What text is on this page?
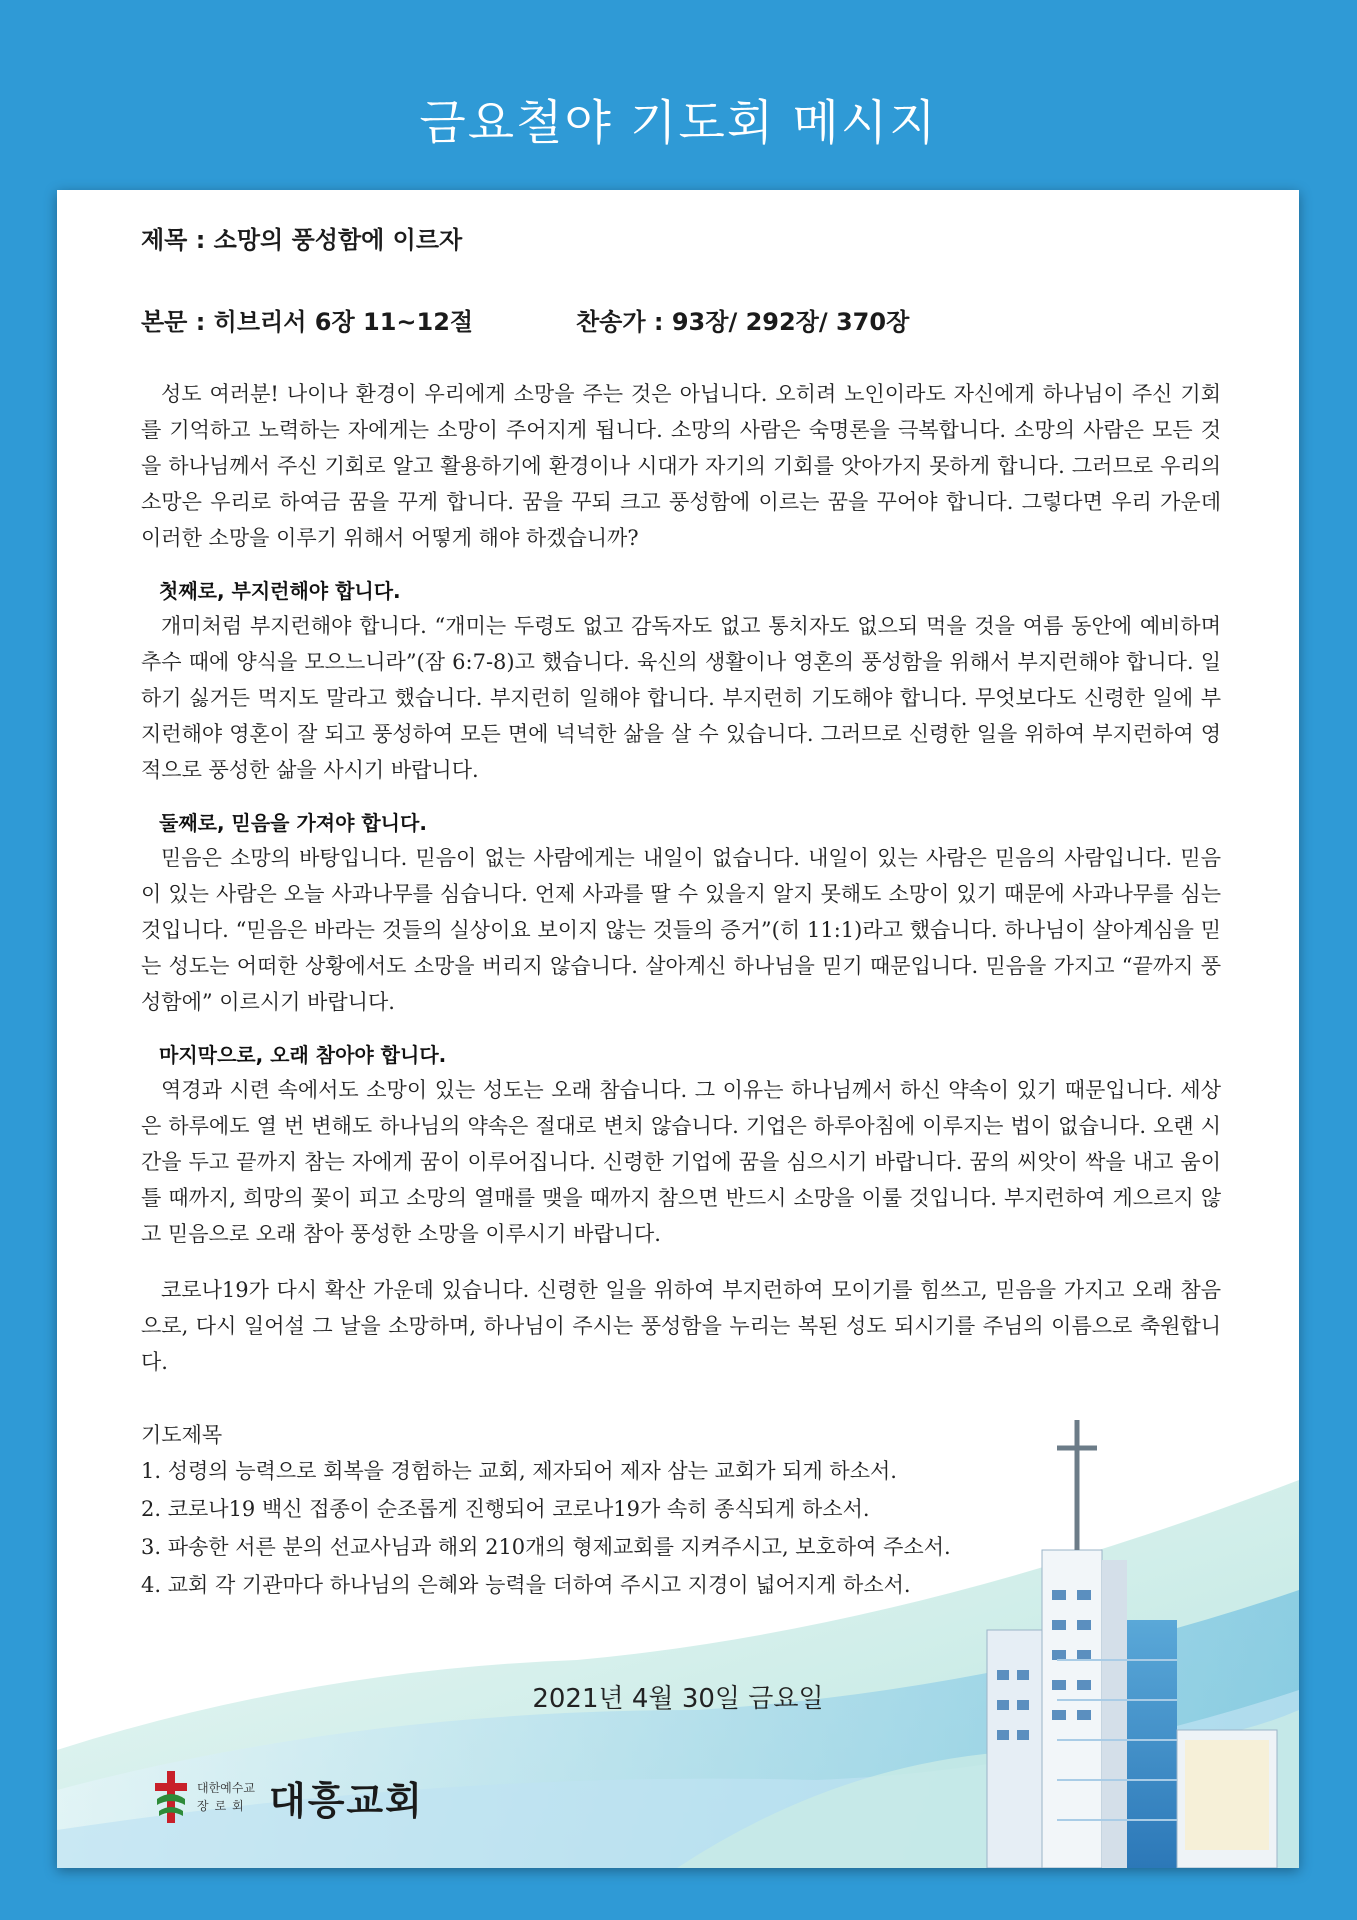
금요철야 기도회 메시지
제목 : 소망의 풍성함에 이르자
본문 : 히브리서 6장 11~12절	찬송가 : 93장/ 292장/ 370장

성도 여러분! 나이나 환경이 우리에게 소망을 주는 것은 아닙니다. 오히려 노인이라도 자신에게 하나님이 주신 기회를 기억하고 노력하는 자에게는 소망이 주어지게 됩니다. 소망의 사람은 숙명론을 극복합니다. 소망의 사람은 모든 것을 하나님께서 주신 기회로 알고 활용하기에 환경이나 시대가 자기의 기회를 앗아가지 못하게 합니다. 그러므로 우리의 소망은 우리로 하여금 꿈을 꾸게 합니다. 꿈을 꾸되 크고 풍성함에 이르는 꿈을 꾸어야 합니다. 그렇다면 우리 가운데 이러한 소망을 이루기 위해서 어떻게 해야 하겠습니까?

첫째로, 부지런해야 합니다.

개미처럼 부지런해야 합니다. “개미는 두령도 없고 감독자도 없고 통치자도 없으되 먹을 것을 여름 동안에 예비하며 추수 때에 양식을 모으느니라”(잠 6:7-8)고 했습니다. 육신의 생활이나 영혼의 풍성함을 위해서 부지런해야 합니다. 일하기 싫거든 먹지도 말라고 했습니다. 부지런히 일해야 합니다. 부지런히 기도해야 합니다. 무엇보다도 신령한 일에 부지런해야 영혼이 잘 되고 풍성하여 모든 면에 넉넉한 삶을 살 수 있습니다. 그러므로 신령한 일을 위하여 부지런하여 영적으로 풍성한 삶을 사시기 바랍니다.

둘째로, 믿음을 가져야 합니다.

믿음은 소망의 바탕입니다. 믿음이 없는 사람에게는 내일이 없습니다. 내일이 있는 사람은 믿음의 사람입니다. 믿음이 있는 사람은 오늘 사과나무를 심습니다. 언제 사과를 딸 수 있을지 알지 못해도 소망이 있기 때문에 사과나무를 심는 것입니다. “믿음은 바라는 것들의 실상이요 보이지 않는 것들의 증거”(히 11:1)라고 했습니다. 하나님이 살아계심을 믿는 성도는 어떠한 상황에서도 소망을 버리지 않습니다. 살아계신 하나님을 믿기 때문입니다. 믿음을 가지고 “끝까지 풍성함에” 이르시기 바랍니다.

마지막으로, 오래 참아야 합니다.

역경과 시련 속에서도 소망이 있는 성도는 오래 참습니다. 그 이유는 하나님께서 하신 약속이 있기 때문입니다. 세상은 하루에도 열 번 변해도 하나님의 약속은 절대로 변치 않습니다. 기업은 하루아침에 이루지는 법이 없습니다. 오랜 시간을 두고 끝까지 참는 자에게 꿈이 이루어집니다. 신령한 기업에 꿈을 심으시기 바랍니다. 꿈의 씨앗이 싹을 내고 움이 틀 때까지, 희망의 꽃이 피고 소망의 열매를 맺을 때까지 참으면 반드시 소망을 이룰 것입니다. 부지런하여 게으르지 않고 믿음으로 오래 참아 풍성한 소망을 이루시기 바랍니다.

코로나19가 다시 확산 가운데 있습니다. 신령한 일을 위하여 부지런하여 모이기를 힘쓰고, 믿음을 가지고 오래 참음으로, 다시 일어설 그 날을 소망하며, 하나님이 주시는 풍성함을 누리는 복된 성도 되시기를 주님의 이름으로 축원합니다.

기도제목
1. 성령의 능력으로 회복을 경험하는 교회, 제자되어 제자 삼는 교회가 되게 하소서.
2. 코로나19 백신 접종이 순조롭게 진행되어 코로나19가 속히 종식되게 하소서.
3. 파송한 서른 분의 선교사님과 해외 210개의 형제교회를 지켜주시고, 보호하여 주소서.
4. 교회 각 기관마다 하나님의 은혜와 능력을 더하여 주시고 지경이 넓어지게 하소서.
2021년 4월 30일 금요일
대한예수교
장로회 대흥교회
